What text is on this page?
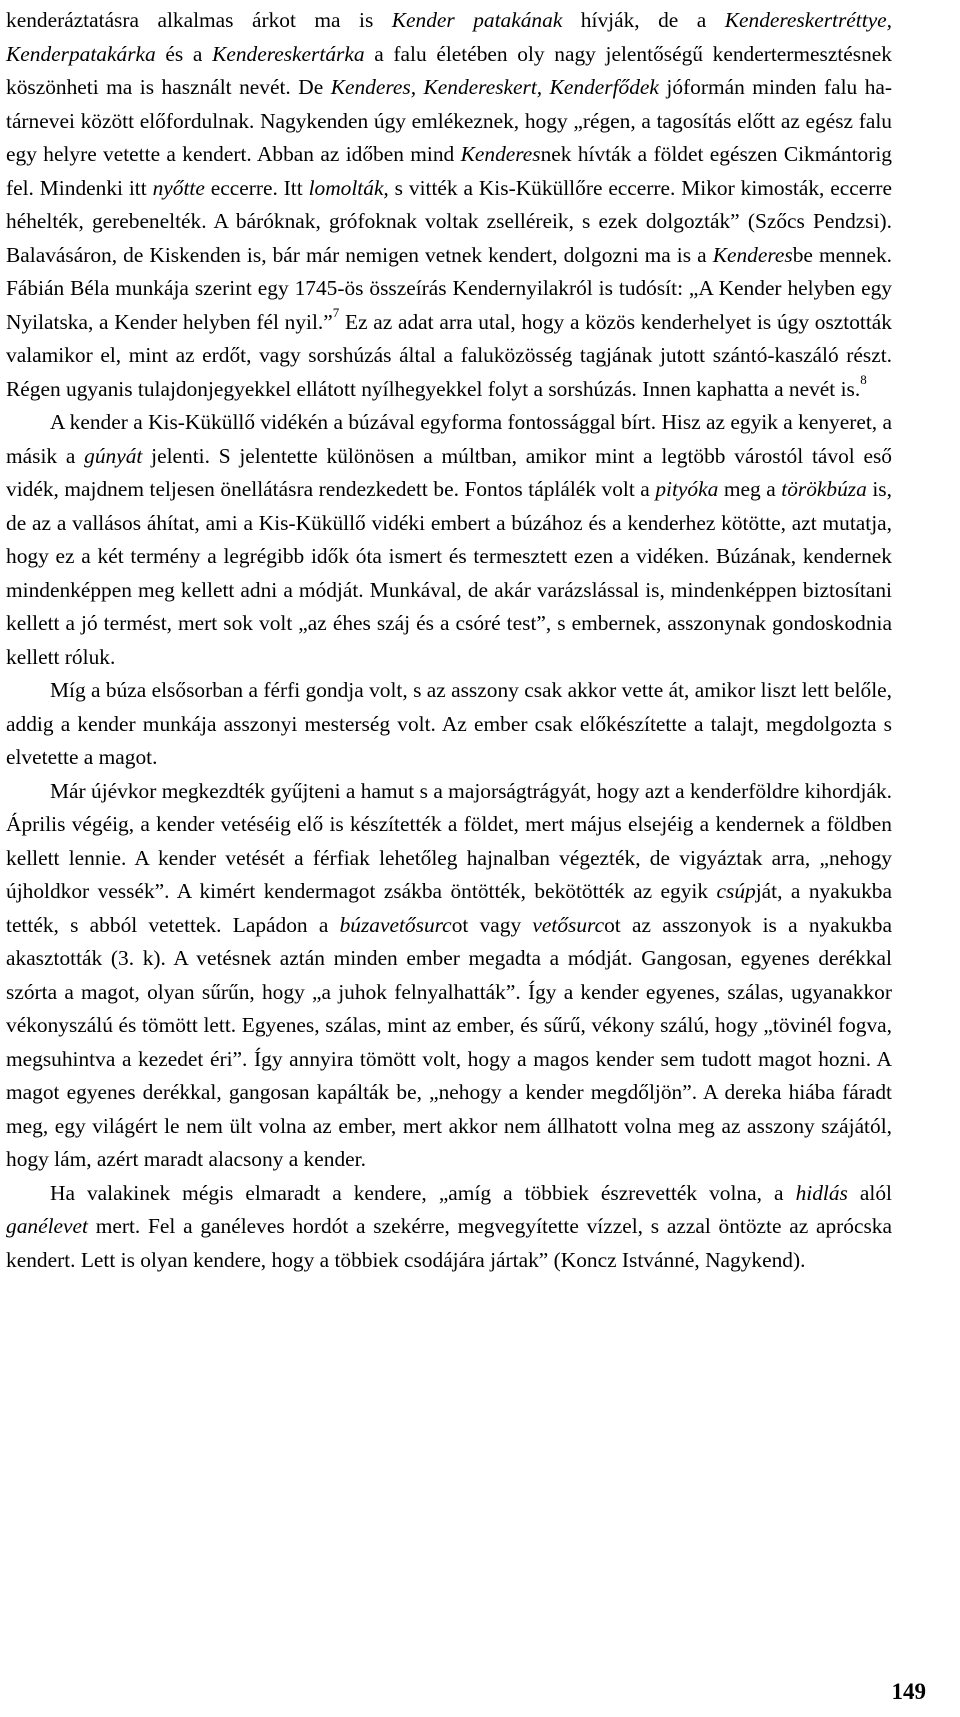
kenderáztatásra alkalmas árkot ma is Kender patakának hívják, de a Kendereskertréttye, Kenderpatakárka és a Kendereskertárka a falu életében oly nagy jelentőségű kendertermesztésnek köszönheti ma is használt nevét. De Kenderes, Kendereskert, Kenderfődek jóformán minden falu határnevei között előfordulnak. Nagykenden úgy emlékeznek, hogy „régen, a tagosítás előtt az egész falu egy helyre vetette a kendert. Abban az időben mind Kenderesnek hívták a földet egészen Cikmántorig fel. Mindenki itt nyőtte eccerre. Itt lomolták, s vitték a Kis-Küküllőre eccerre. Mikor kimosták, eccerre héhelték, gerebenelték. A báróknak, grófoknak voltak zselléreik, s ezek dolgozták” (Szőcs Pendzsi). Balavásáron, de Kiskenden is, bár már nemigen vetnek kendert, dolgozni ma is a Kenderesbe mennek. Fábián Béla munkája szerint egy 1745-ös összeírás Kendernyilakról is tudósít: „A Kender helyben egy Nyilatska, a Kender helyben fél nyil.”$^7$ Ez az adat arra utal, hogy a közös kenderhelyet is úgy osztották valamikor el, mint az erdőt, vagy sorshúzás által a faluközösség tagjának jutott szántó-kaszáló részt. Régen ugyanis tulajdonjegyekkel ellátott nyílhegyekkel folyt a sorshúzás. Innen kaphatta a nevét is.$^8$

A kender a Kis-Küküllő vidékén a búzával egyforma fontossággal bírt. Hisz az egyik a kenyeret, a másik a gúnyát jelenti. S jelentette különösen a múltban, amikor mint a legtöbb várostól távol eső vidék, majdnem teljesen önellátásra rendezkedett be. Fontos táplálék volt a pityóka meg a törökbúza is, de az a vallásos áhítat, ami a Kis-Küküllő vidéki embert a búzához és a kenderhez kötötte, azt mutatja, hogy ez a két termény a legrégibb idők óta ismert és termesztett ezen a vidéken. Búzának, kendernek mindenképpen meg kellett adni a módját. Munkával, de akár varázslással is, mindenképpen biztosítani kellett a jó termést, mert sok volt „az éhes száj és a csóré test”, s embernek, asszonynak gondoskodnia kellett róluk.

Míg a búza elsősorban a férfi gondja volt, s az asszony csak akkor vette át, amikor liszt lett belőle, addig a kender munkája asszonyi mesterség volt. Az ember csak előkészítette a talajt, megdolgozta s elvetette a magot.

Már újévkor megkezdték gyűjteni a hamut s a majorságtrágyát, hogy azt a kenderföldre kihordják. Április végéig, a kender vetéséig elő is készítették a földet, mert május elsejéig a kendernek a földben kellett lennie. A kender vetését a férfiak lehetőleg hajnalban végezték, de vigyáztak arra, „nehogy újholdkor vessék”. A kimért kendermagot zsákba öntötték, bekötötték az egyik csúpját, a nyakukba tették, s abból vetettek. Lapádon a búzavetősurcot vagy vetősurcot az asszonyok is a nyakukba akasztották (3. k). A vetésnek aztán minden ember megadta a módját. Gangosan, egyenes derékkal szórta a magot, olyan sűrűn, hogy „a juhok felnyalhatták”. Így a kender egyenes, szálas, ugyanakkor vékonyszálú és tömött lett. Egyenes, szálas, mint az ember, és sűrű, vékony szálú, hogy „tövinél fogva, megsuhintva a kezedet éri”. Így annyira tömött volt, hogy a magos kender sem tudott magot hozni. A magot egyenes derékkal, gangosan kapálták be, „nehogy a kender megdőljön”. A dereka hiába fáradt meg, egy világért le nem ült volna az ember, mert akkor nem állhatott volna meg az asszony szájától, hogy lám, azért maradt alacsony a kender.

Ha valakinek mégis elmaradt a kendere, „amíg a többiek észrevették volna, a hidlás alól ganélevet mert. Fel a ganéleves hordót a szekérre, megvegyítette vízzel, s azzal öntözte az aprócska kendert. Lett is olyan kendere, hogy a többiek csodájára jártak” (Koncz Istvánné, Nagykend).

149
